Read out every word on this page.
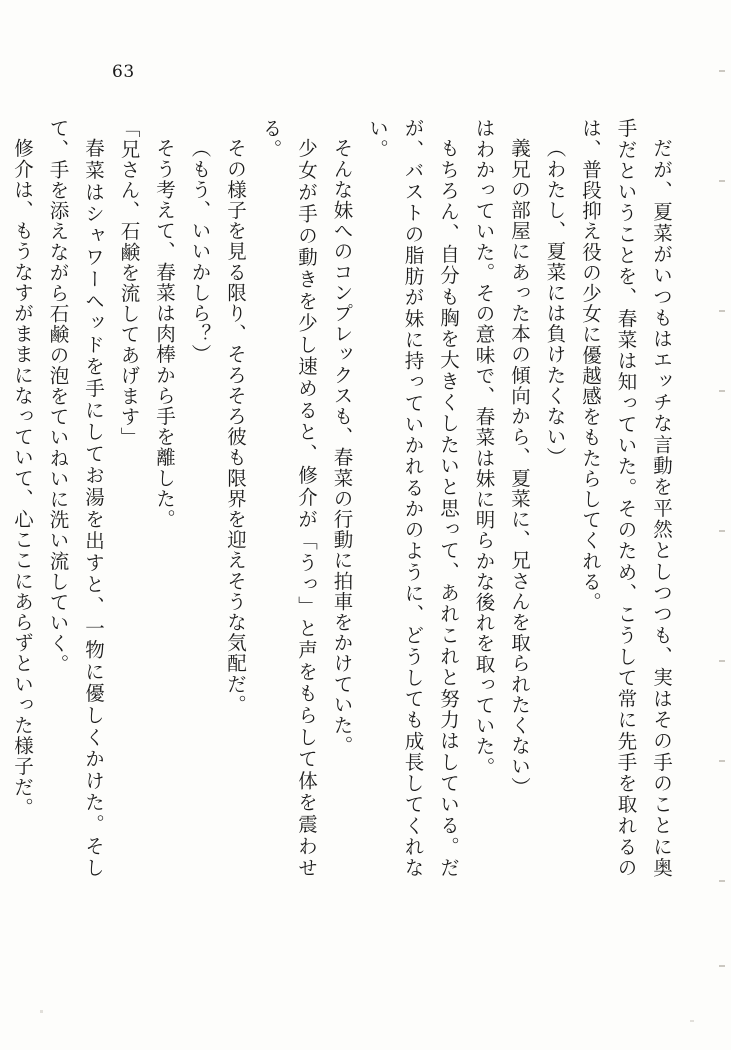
63

だが、夏菜がいつもはエッチな言動を平然としつつも、実はその手のことに奥手だということを、春菜は知っていた。そのため、こうして常に先手を取れるのは、普段抑え役の少女に優越感をもたらしてくれる。

（わたし、夏菜には負けたくない）

義兄の部屋にあった本の傾向から、夏菜に、兄さんを取られたくない）

はわかっていた。その意味で、春菜は妹に明らかな後れを取っていた。

もちろん、自分も胸を大きくしたいと思って、あれこれと努力はしている。だが、バストの脂肪が妹に持っていかれるかのように、どうしても成長してくれない。

そんな妹へのコンプレックスも、春菜の行動に拍車をかけていた。

少女が手の動きを少し速めると、修介が「うっ」と声をもらして体を震わせる。

その様子を見る限り、そろそろ彼も限界を迎えそうな気配だ。

（もう、いいかしら？）

そう考えて、春菜は肉棒から手を離した。

「兄さん、石鹸を流してあげます」

春菜はシャワーヘッドを手にしてお湯を出すと、一物に優しくかけた。そして、手を添えながら石鹸の泡をていねいに洗い流していく。

修介は、もうなすがままになっていて、心ここにあらずといった様子だ。
